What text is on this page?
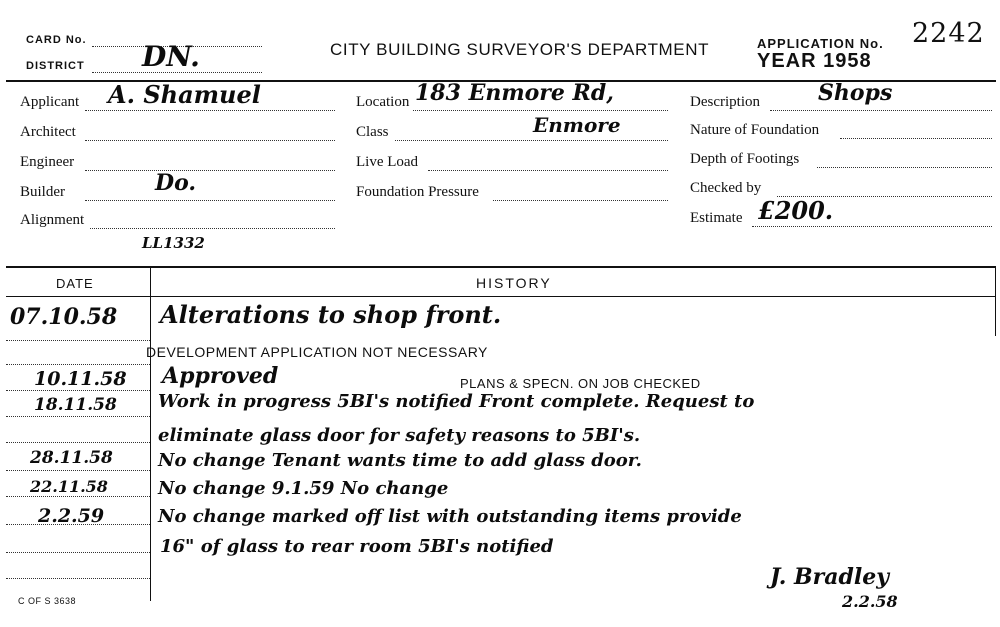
CARD No.
DISTRICT DN.	CITY BUILDING SURVEYOR'S DEPARTMENT	APPLICATION No. 2242
YEAR 1958
Applicant A. Shamuel
Architect
Engineer
Builder	Do.
Alignment
LL1332
Location 183 Enmore Rd,
Class	Enmore
Live Load
Foundation Pressure
Description	Shops
Nature of Foundation
Depth of Footings
Checked by
Estimate £200.
DATE	HISTORY
07.10.58 Alterations to shop front.
DEVELOPMENT APPLICATION NOT NECESSARY
10.11.58 Approved	PLANS & SPECN. ON JOB CHECKED
18.11.58 Work in progress 5BI's notified Front complete. Request to
eliminate glass door for safety reasons to 5BI's.
28.11.58	No change Tenant wants time to add glass door.
22.11.58	No change 9.1.59 No change
2.2.59	No change marked off list with outstanding items provide
16" of glass to rear room 5BI's notified
J. Bradley
2.2.58
C OF S 3638
